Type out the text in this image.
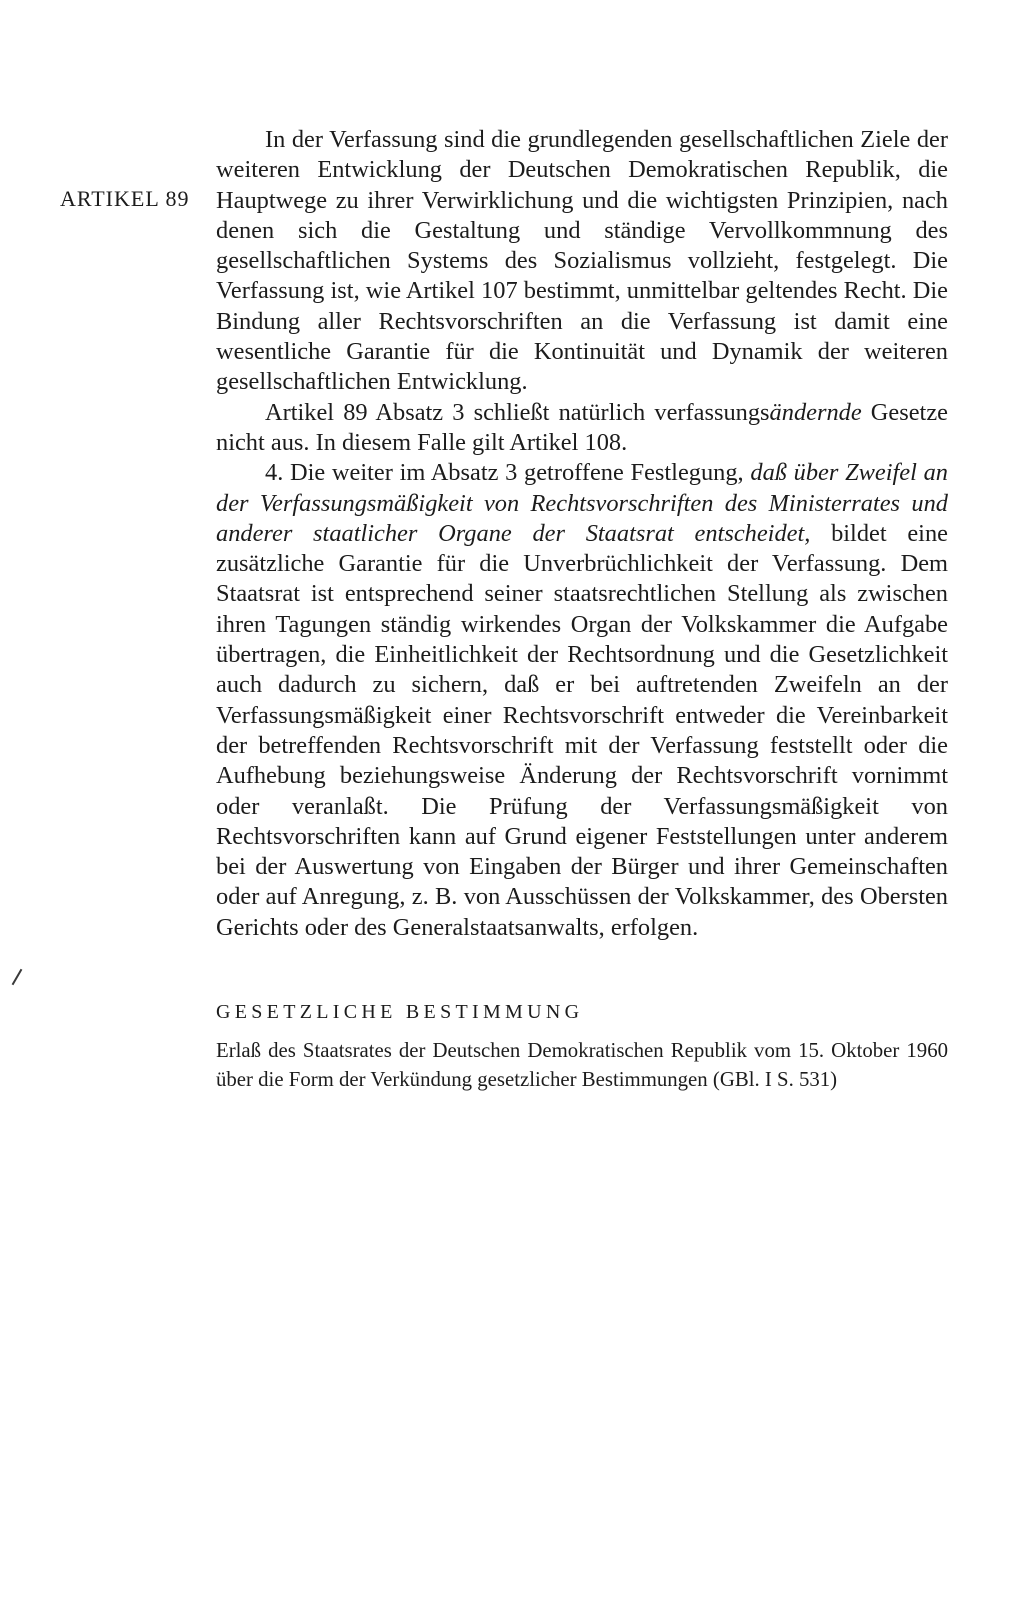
ARTIKEL 89

In der Verfassung sind die grundlegenden gesellschaftlichen Ziele der weiteren Entwicklung der Deutschen Demokratischen Republik, die Hauptwege zu ihrer Verwirklichung und die wichtigsten Prinzipien, nach denen sich die Gestaltung und ständige Vervollkommnung des gesellschaftlichen Systems des Sozialismus vollzieht, festgelegt. Die Verfassung ist, wie Artikel 107 bestimmt, unmittelbar geltendes Recht. Die Bindung aller Rechtsvorschriften an die Verfassung ist damit eine wesentliche Garantie für die Kontinuität und Dynamik der weiteren gesellschaftlichen Entwicklung.

Artikel 89 Absatz 3 schließt natürlich verfassungsändernde Gesetze nicht aus. In diesem Falle gilt Artikel 108.

4. Die weiter im Absatz 3 getroffene Festlegung, daß über Zweifel an der Verfassungsmäßigkeit von Rechtsvorschriften des Ministerrates und anderer staatlicher Organe der Staatsrat entscheidet, bildet eine zusätzliche Garantie für die Unverbrüchlichkeit der Verfassung. Dem Staatsrat ist entsprechend seiner staatsrechtlichen Stellung als zwischen ihren Tagungen ständig wirkendes Organ der Volkskammer die Aufgabe übertragen, die Einheitlichkeit der Rechtsordnung und die Gesetzlichkeit auch dadurch zu sichern, daß er bei auftretenden Zweifeln an der Verfassungsmäßigkeit einer Rechtsvorschrift entweder die Vereinbarkeit der betreffenden Rechtsvorschrift mit der Verfassung feststellt oder die Aufhebung beziehungsweise Änderung der Rechtsvorschrift vornimmt oder veranlaßt. Die Prüfung der Verfassungsmäßigkeit von Rechtsvorschriften kann auf Grund eigener Feststellungen unter anderem bei der Auswertung von Eingaben der Bürger und ihrer Gemeinschaften oder auf Anregung, z. B. von Ausschüssen der Volkskammer, des Obersten Gerichts oder des Generalstaatsanwalts, erfolgen.

GESETZLICHE BESTIMMUNG

Erlaß des Staatsrates der Deutschen Demokratischen Republik vom 15. Oktober 1960 über die Form der Verkündung gesetzlicher Bestimmungen (GBl. I S. 531)
